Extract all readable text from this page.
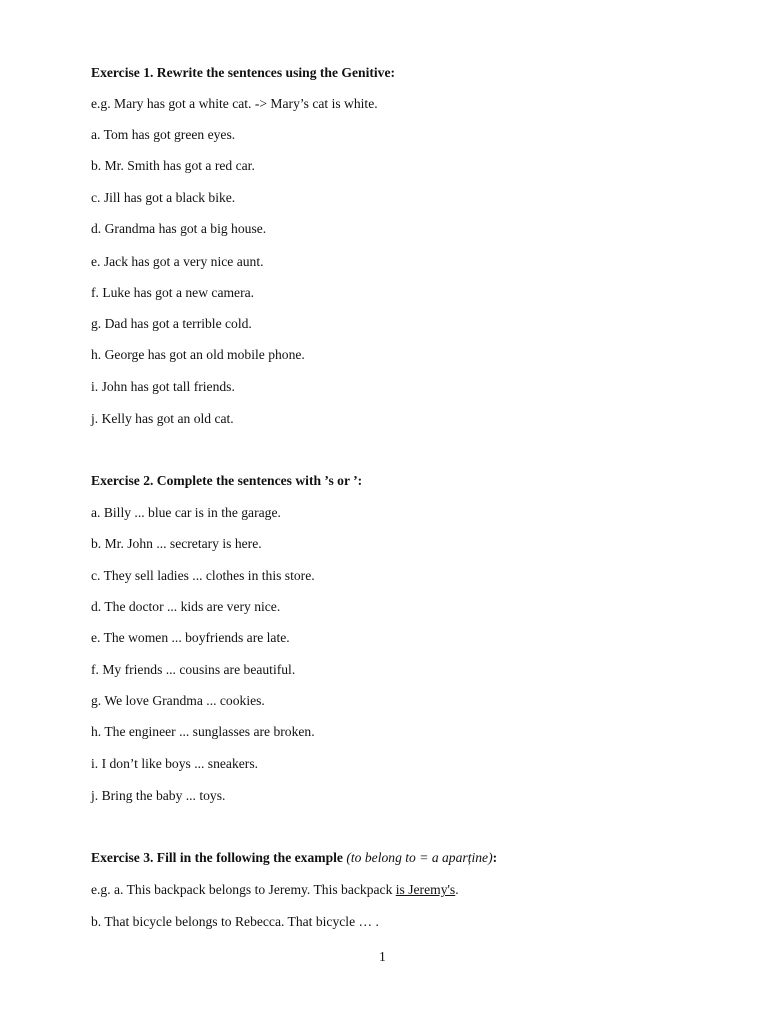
Exercise 1. Rewrite the sentences using the Genitive:
e.g. Mary has got a white cat. -> Mary’s cat is white.
a. Tom has got green eyes.
b. Mr. Smith has got a red car.
c. Jill has got a black bike.
d. Grandma has got a big house.
e. Jack has got a very nice aunt.
f. Luke has got a new camera.
g. Dad has got a terrible cold.
h. George has got an old mobile phone.
i. John has got tall friends.
j. Kelly has got an old cat.
Exercise 2. Complete the sentences with ’s or ’:
a. Billy ... blue car is in the garage.
b. Mr. John ... secretary is here.
c. They sell ladies ... clothes in this store.
d. The doctor ... kids are very nice.
e. The women ... boyfriends are late.
f. My friends ... cousins are beautiful.
g. We love Grandma ... cookies.
h. The engineer ... sunglasses are broken.
i. I don’t like boys ... sneakers.
j. Bring the baby ... toys.
Exercise 3. Fill in the following the example (to belong to = a aparține):
e.g. a. This backpack belongs to Jeremy. This backpack is Jeremy's.
b. That bicycle belongs to Rebecca. That bicycle … .
1
